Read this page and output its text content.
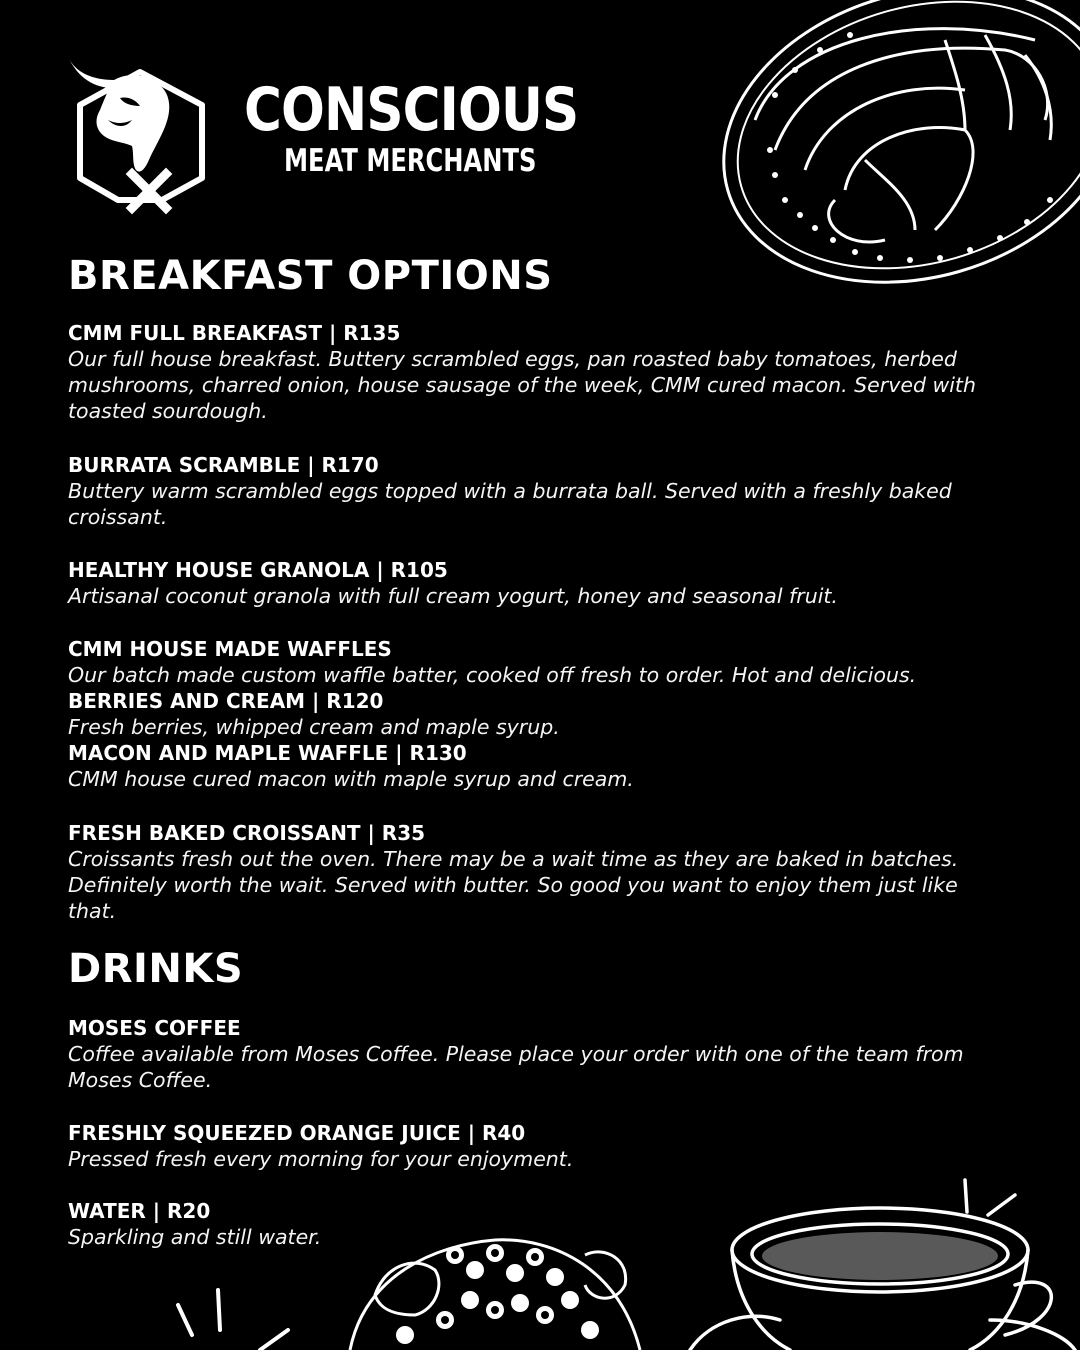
CONSCIOUS
MEAT MERCHANTS
BREAKFAST OPTIONS

CMM FULL BREAKFAST | R135

Our full house breakfast. Buttery scrambled eggs, pan roasted baby tomatoes, herbed mushrooms, charred onion, house sausage of the week, CMM cured macon. Served with toasted sourdough.

BURRATA SCRAMBLE | R170

Buttery warm scrambled eggs topped with a burrata ball. Served with a freshly baked croissant.

HEALTHY HOUSE GRANOLA | R105

Artisanal coconut granola with full cream yogurt, honey and seasonal fruit.

CMM HOUSE MADE WAFFLES

Our batch made custom waffle batter, cooked off fresh to order. Hot and delicious.

BERRIES AND CREAM | R120

Fresh berries, whipped cream and maple syrup.

MACON AND MAPLE WAFFLE | R130

CMM house cured macon with maple syrup and cream.

FRESH BAKED CROISSANT | R35

Croissants fresh out the oven. There may be a wait time as they are baked in batches. Definitely worth the wait. Served with butter. So good you want to enjoy them just like that.

DRINKS

MOSES COFFEE

Coffee available from Moses Coffee. Please place your order with one of the team from Moses Coffee.

FRESHLY SQUEEZED ORANGE JUICE | R40

Pressed fresh every morning for your enjoyment.

WATER | R20

Sparkling and still water.
